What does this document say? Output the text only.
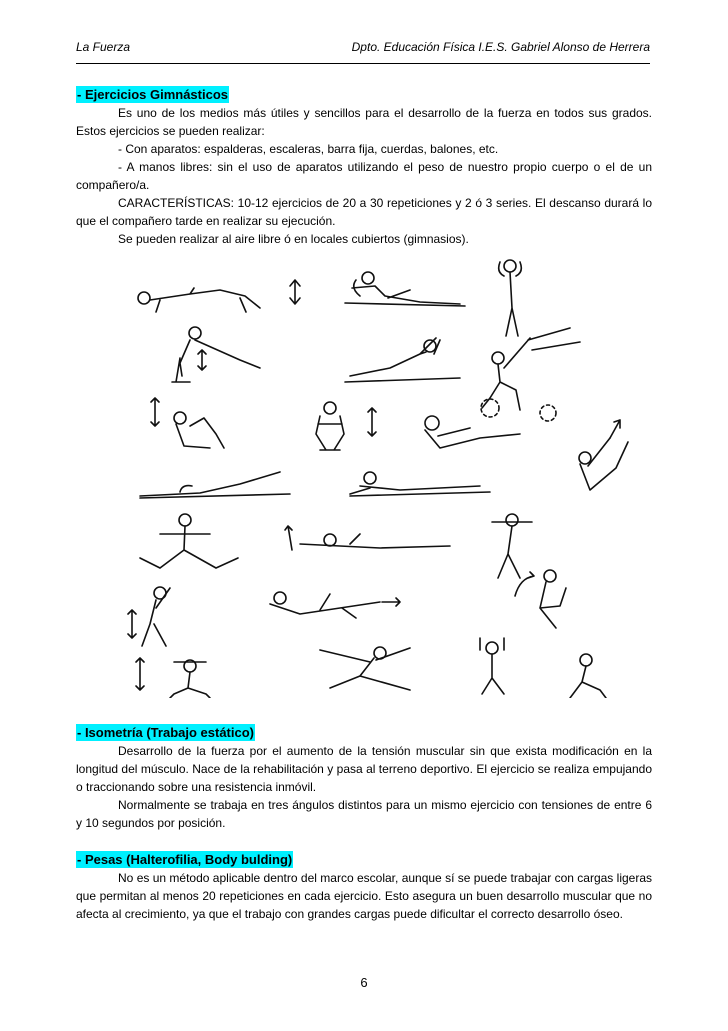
La Fuerza	Dpto. Educación Física I.E.S. Gabriel Alonso de Herrera
- Ejercicios Gimnásticos

Es uno de los medios más útiles y sencillos para el desarrollo de la fuerza en todos sus grados. Estos ejercicios se pueden realizar:

- Con aparatos: espalderas, escaleras, barra fija, cuerdas, balones, etc.

- A manos libres: sin el uso de aparatos utilizando el peso de nuestro propio cuerpo o el de un compañero/a.

CARACTERÍSTICAS: 10-12 ejercicios de 20 a 30 repeticiones y 2 ó 3 series. El descanso durará lo que el compañero tarde en realizar su ejecución.

Se pueden realizar al aire libre ó en locales cubiertos (gimnasios).

- Isometría (Trabajo estático)

Desarrollo de la fuerza por el aumento de la tensión muscular sin que exista modificación en la longitud del músculo. Nace de la rehabilitación y pasa al terreno deportivo. El ejercicio se realiza empujando o traccionando sobre una resistencia inmóvil.

Normalmente se trabaja en tres ángulos distintos para un mismo ejercicio con tensiones de entre 6 y 10 segundos por posición.

- Pesas (Halterofilia, Body bulding)

No es un método aplicable dentro del marco escolar, aunque sí se puede trabajar con cargas ligeras que permitan al menos 20 repeticiones en cada ejercicio. Esto asegura un buen desarrollo muscular que no afecta al crecimiento, ya que el trabajo con grandes cargas puede dificultar el correcto desarrollo óseo.

6
